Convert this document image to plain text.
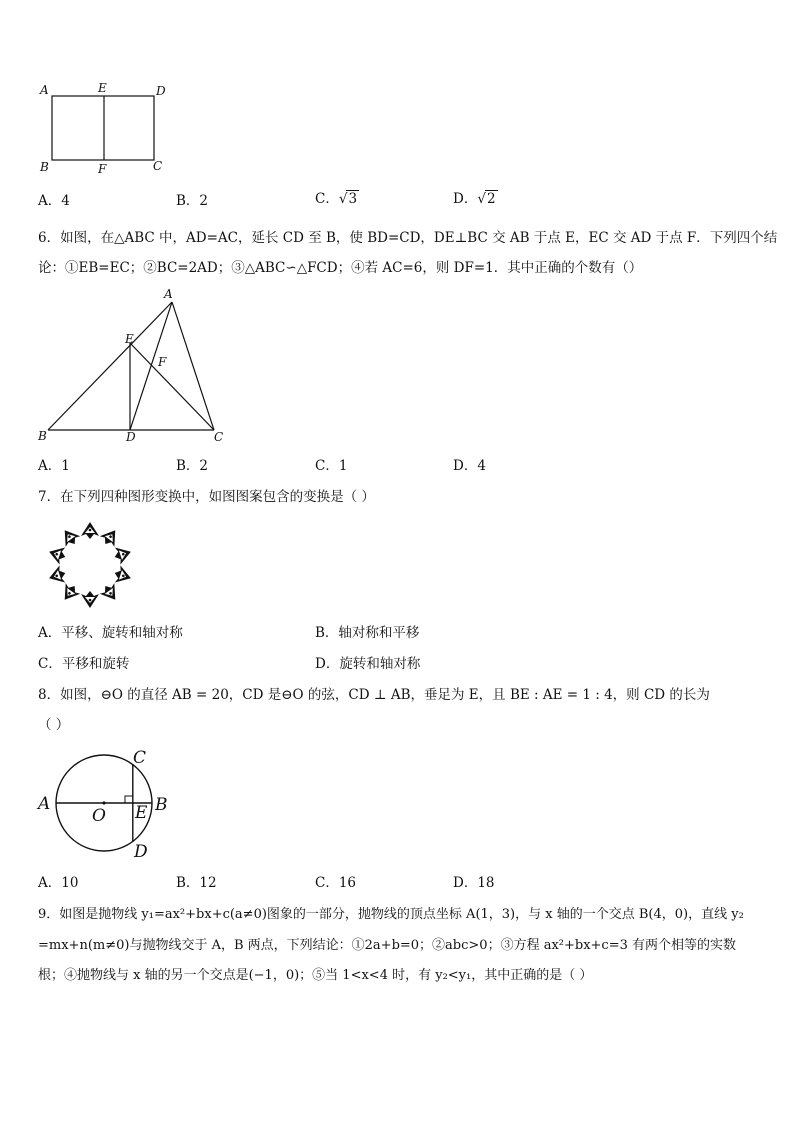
A	E	D
B	F	C
A．4	B．2	C．√3	D．√2
6．如图，在△ABC 中，AD=AC，延长 CD 至 B，使 BD=CD，DE⊥BC 交 AB 于点 E，EC 交 AD 于点 F．下列四个结
论：①EB=EC；②BC=2AD；③△ABC∽△FCD；④若 AC=6，则 DF=1．其中正确的个数有（）
A
E
F
B	D	C
A．1	B．2	C．1	D．4
7．在下列四种图形变换中，如图图案包含的变换是（ ）
A．平移、旋转和轴对称	B．轴对称和平移
C．平移和旋转	D．旋转和轴对称
8．如图，⊖O 的直径 AB = 20，CD 是⊖O 的弦，CD ⊥ AB，垂足为 E，且 BE : AE = 1 : 4，则 CD 的长为
（ ）
A
O E B
C
D
A．10	B．12	C．16	D．18
9．如图是抛物线 y₁=ax²+bx+c(a≠0)图象的一部分，抛物线的顶点坐标 A(1，3)，与 x 轴的一个交点 B(4，0)，直线 y₂
=mx+n(m≠0)与抛物线交于 A，B 两点，下列结论：①2a+b=0；②abc>0；③方程 ax²+bx+c=3 有两个相等的实数
根；④抛物线与 x 轴的另一个交点是(−1，0)；⑤当 1<x<4 时，有 y₂<y₁，其中正确的是（ ）
